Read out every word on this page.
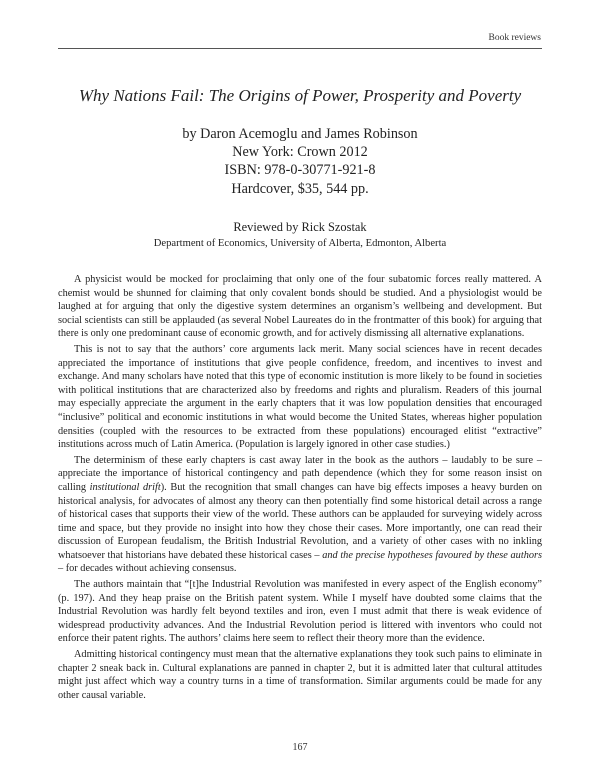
Book reviews
Why Nations Fail: The Origins of Power, Prosperity and Poverty
by Daron Acemoglu and James Robinson
New York: Crown 2012
ISBN: 978-0-30771-921-8
Hardcover, $35, 544 pp.
Reviewed by Rick Szostak
Department of Economics, University of Alberta, Edmonton, Alberta

A physicist would be mocked for proclaiming that only one of the four subatomic forces really mattered. A chemist would be shunned for claiming that only covalent bonds should be studied. And a physiologist would be laughed at for arguing that only the digestive system determines an organism’s wellbeing and development. But social scientists can still be applauded (as several Nobel Laureates do in the frontmatter of this book) for arguing that there is only one predominant cause of economic growth, and for actively dismissing all alternative explanations.

This is not to say that the authors’ core arguments lack merit. Many social sciences have in recent decades appreciated the importance of institutions that give people confidence, freedom, and incentives to invest and exchange. And many scholars have noted that this type of economic institution is more likely to be found in societies with political institutions that are characterized also by freedoms and rights and pluralism. Readers of this journal may especially appreciate the argument in the early chapters that it was low population densities that encouraged “inclusive” political and economic institutions in what would become the United States, whereas higher population densities (coupled with the resources to be extracted from these populations) encouraged elitist “extractive” institutions across much of Latin America. (Population is largely ignored in other case studies.)

The determinism of these early chapters is cast away later in the book as the authors – laudably to be sure – appreciate the importance of historical contingency and path dependence (which they for some reason insist on calling institutional drift). But the recognition that small changes can have big effects imposes a heavy burden on historical analysis, for advocates of almost any theory can then potentially find some historical detail across a range of historical cases that supports their view of the world. These authors can be applauded for surveying widely across time and space, but they provide no insight into how they chose their cases. More importantly, one can read their discussion of European feudalism, the British Industrial Revolution, and a variety of other cases with no inkling whatsoever that historians have debated these historical cases – and the precise hypotheses favoured by these authors – for decades without achieving consensus.

The authors maintain that “[t]he Industrial Revolution was manifested in every aspect of the English economy” (p. 197). And they heap praise on the British patent system. While I myself have doubted some claims that the Industrial Revolution was hardly felt beyond textiles and iron, even I must admit that there is weak evidence of widespread productivity advances. And the Industrial Revolution period is littered with inventors who could not enforce their patent rights. The authors’ claims here seem to reflect their theory more than the evidence.

Admitting historical contingency must mean that the alternative explanations they took such pains to eliminate in chapter 2 sneak back in. Cultural explanations are panned in chapter 2, but it is admitted later that cultural attitudes might just affect which way a country turns in a time of transformation. Similar arguments could be made for any other causal variable.

167
